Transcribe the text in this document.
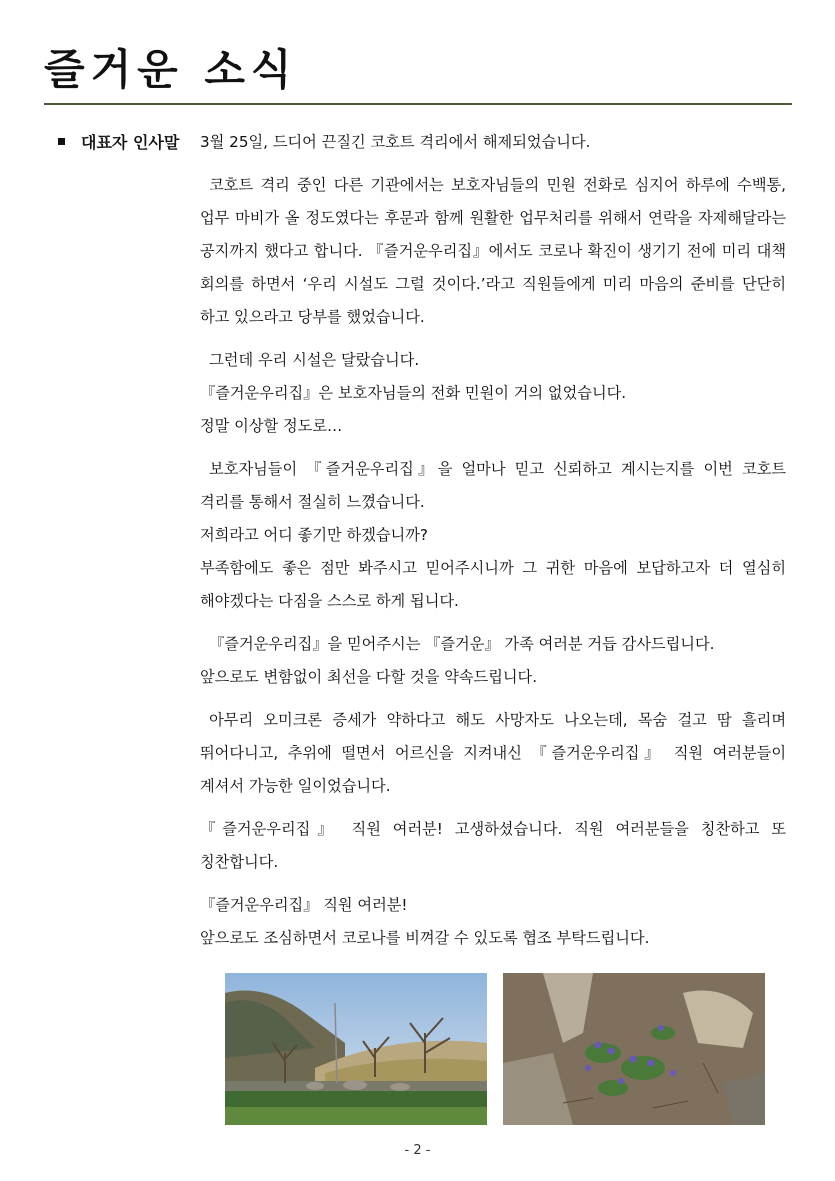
즐거운 소식
대표자 인사말 3월 25일, 드디어 끈질긴 코호트 격리에서 해제되었습니다.

코호트 격리 중인 다른 기관에서는 보호자님들의 민원 전화로 심지어 하루에 수백통, 업무 마비가 올 정도였다는 후문과 함께 원활한 업무처리를 위해서 연락을 자제해달라는 공지까지 했다고 합니다. 『즐거운우리집』에서도 코로나 확진이 생기기 전에 미리 대책 회의를 하면서 ‘우리 시설도 그럴 것이다.’라고 직원들에게 미리 마음의 준비를 단단히 하고 있으라고 당부를 했었습니다.

그런데 우리 시설은 달랐습니다.

『즐거운우리집』은 보호자님들의 전화 민원이 거의 없었습니다.

정말 이상할 정도로…

보호자님들이 『즐거운우리집』을 얼마나 믿고 신뢰하고 계시는지를 이번 코호트 격리를 통해서 절실히 느꼈습니다.

저희라고 어디 좋기만 하겠습니까?

부족함에도 좋은 점만 봐주시고 믿어주시니까 그 귀한 마음에 보답하고자 더 열심히 해야겠다는 다짐을 스스로 하게 됩니다.

『즐거운우리집』을 믿어주시는 『즐거운』 가족 여러분 거듭 감사드립니다.

앞으로도 변함없이 최선을 다할 것을 약속드립니다.

아무리 오미크론 증세가 약하다고 해도 사망자도 나오는데, 목숨 걸고 땀 흘리며 뛰어다니고, 추위에 떨면서 어르신을 지켜내신 『즐거운우리집』 직원 여러분들이 계셔서 가능한 일이었습니다.

『즐거운우리집』 직원 여러분! 고생하셨습니다. 직원 여러분들을 칭찬하고 또 칭찬합니다.

『즐거운우리집』 직원 여러분!

앞으로도 조심하면서 코로나를 비껴갈 수 있도록 협조 부탁드립니다.

- 2 -
